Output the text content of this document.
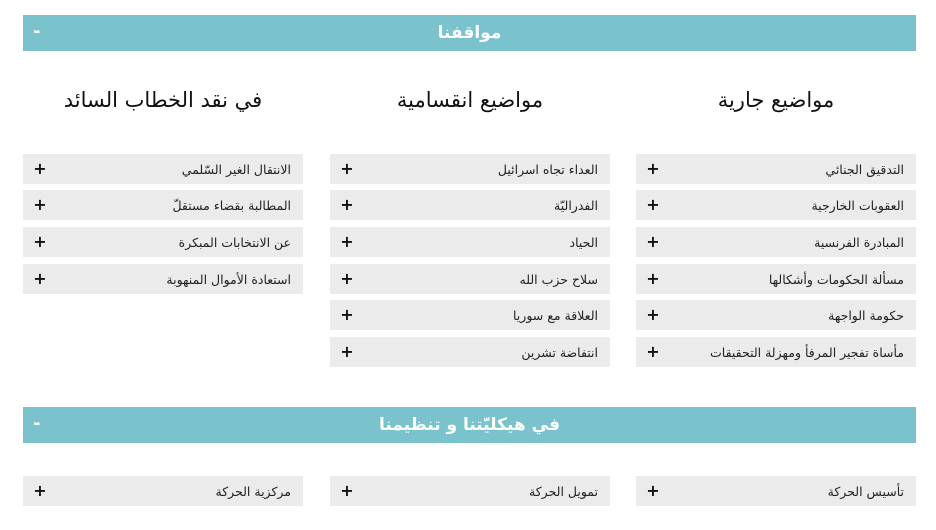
مواقفنا
-
مواضيع جارية
مواضيع انقسامية
في نقد الخطاب السائد
التدقيق الجنائي
+
العقوبات الخارجية
+
المبادرة الفرنسية
+
مسألة الحكومات وأشكالها
+
حكومة الواجهة
+
مأساة تفجير المرفأ ومهزلة التحقيقات
+
العداء تجاه اسرائيل
+
الفدراليّة
+
الحياد
+
سلاح حزب الله
+
العلاقة مع سوريا
+
انتفاضة تشرين
+
الانتقال الغير السّلمي
+
المطالبة بقضاء مستقلّ
+
عن الانتخابات المبكرة
+
استعادة الأموال المنهوبة
+
في هيكليّتنا و تنظيمنا
-
تأسيس الحركة
+
تمويل الحركة
+
مركزية الحركة
+
